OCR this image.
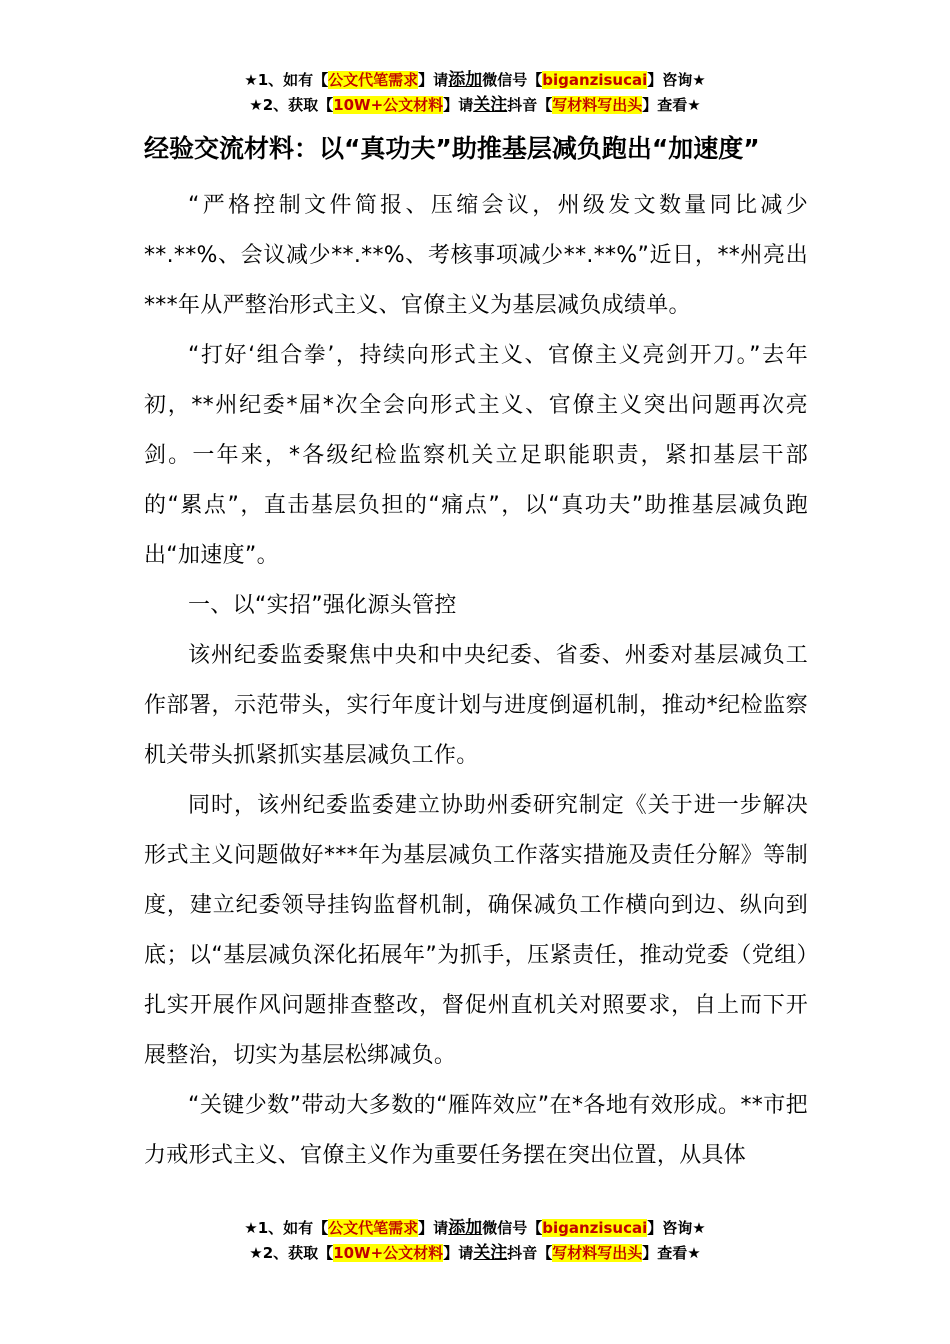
★1、如有【公文代笔需求】请添加微信号【biganzisucai】咨询★
★2、获取【10W+公文材料】请关注抖音【写材料写出头】查看★
经验交流材料：以“真功夫”助推基层减负跑出“加速度”

“严格控制文件简报、压缩会议，州级发文数量同比减少**.**%、会议减少**.**%、考核事项减少**.**%”近日，**州亮出***年从严整治形式主义、官僚主义为基层减负成绩单。

“打好‘组合拳’，持续向形式主义、官僚主义亮剑开刀。”去年初，**州纪委*届*次全会向形式主义、官僚主义突出问题再次亮剑。一年来，*各级纪检监察机关立足职能职责，紧扣基层干部的“累点”，直击基层负担的“痛点”，以“真功夫”助推基层减负跑出“加速度”。

一、以“实招”强化源头管控

该州纪委监委聚焦中央和中央纪委、省委、州委对基层减负工作部署，示范带头，实行年度计划与进度倒逼机制，推动*纪检监察机关带头抓紧抓实基层减负工作。

同时，该州纪委监委建立协助州委研究制定《关于进一步解决形式主义问题做好***年为基层减负工作落实措施及责任分解》等制度，建立纪委领导挂钩监督机制，确保减负工作横向到边、纵向到底；以“基层减负深化拓展年”为抓手，压紧责任，推动党委（党组）扎实开展作风问题排查整改，督促州直机关对照要求，自上而下开展整治，切实为基层松绑减负。

“关键少数”带动大多数的“雁阵效应”在*各地有效形成。**市把力戒形式主义、官僚主义作为重要任务摆在突出位置，从具体

★1、如有【公文代笔需求】请添加微信号【biganzisucai】咨询★
★2、获取【10W+公文材料】请关注抖音【写材料写出头】查看★
